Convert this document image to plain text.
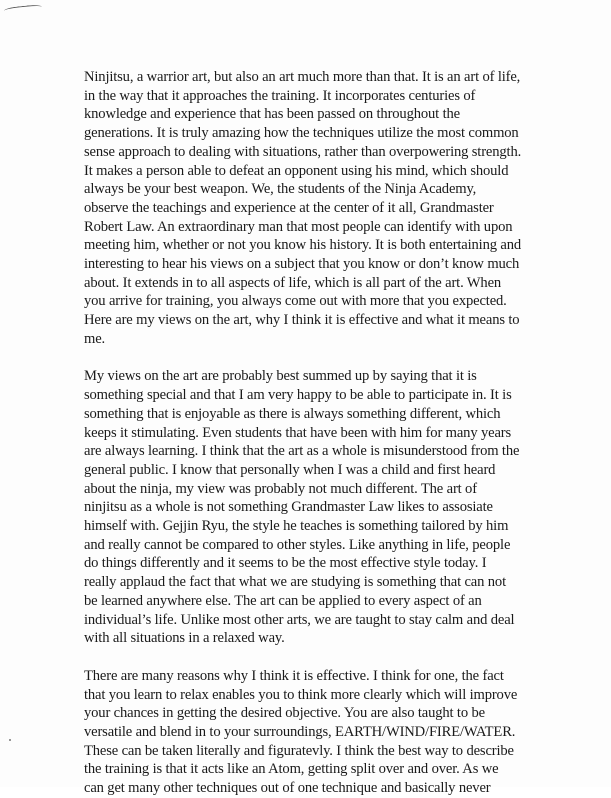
Ninjitsu, a warrior art, but also an art much more than that. It is an art of life,
in the way that it approaches the training. It incorporates centuries of
knowledge and experience that has been passed on throughout the
generations. It is truly amazing how the techniques utilize the most common
sense approach to dealing with situations, rather than overpowering strength.
It makes a person able to defeat an opponent using his mind, which should
always be your best weapon. We, the students of the Ninja Academy,
observe the teachings and experience at the center of it all, Grandmaster
Robert Law. An extraordinary man that most people can identify with upon
meeting him, whether or not you know his history. It is both entertaining and
interesting to hear his views on a subject that you know or don’t know much
about. It extends in to all aspects of life, which is all part of the art. When
you arrive for training, you always come out with more that you expected.
Here are my views on the art, why I think it is effective and what it means to
me.

My views on the art are probably best summed up by saying that it is
something special and that I am very happy to be able to participate in. It is
something that is enjoyable as there is always something different, which
keeps it stimulating. Even students that have been with him for many years
are always learning. I think that the art as a whole is misunderstood from the
general public. I know that personally when I was a child and first heard
about the ninja, my view was probably not much different. The art of
ninjitsu as a whole is not something Grandmaster Law likes to assosiate
himself with. Gejjin Ryu, the style he teaches is something tailored by him
and really cannot be compared to other styles. Like anything in life, people
do things differently and it seems to be the most effective style today. I
really applaud the fact that what we are studying is something that can not
be learned anywhere else. The art can be applied to every aspect of an
individual’s life. Unlike most other arts, we are taught to stay calm and deal
with all situations in a relaxed way.

There are many reasons why I think it is effective. I think for one, the fact
that you learn to relax enables you to think more clearly which will improve
your chances in getting the desired objective. You are also taught to be
versatile and blend in to your surroundings, EARTH/WIND/FIRE/WATER.
These can be taken literally and figuratevly. I think the best way to describe
the training is that it acts like an Atom, getting split over and over. As we
can get many other techniques out of one technique and basically never
